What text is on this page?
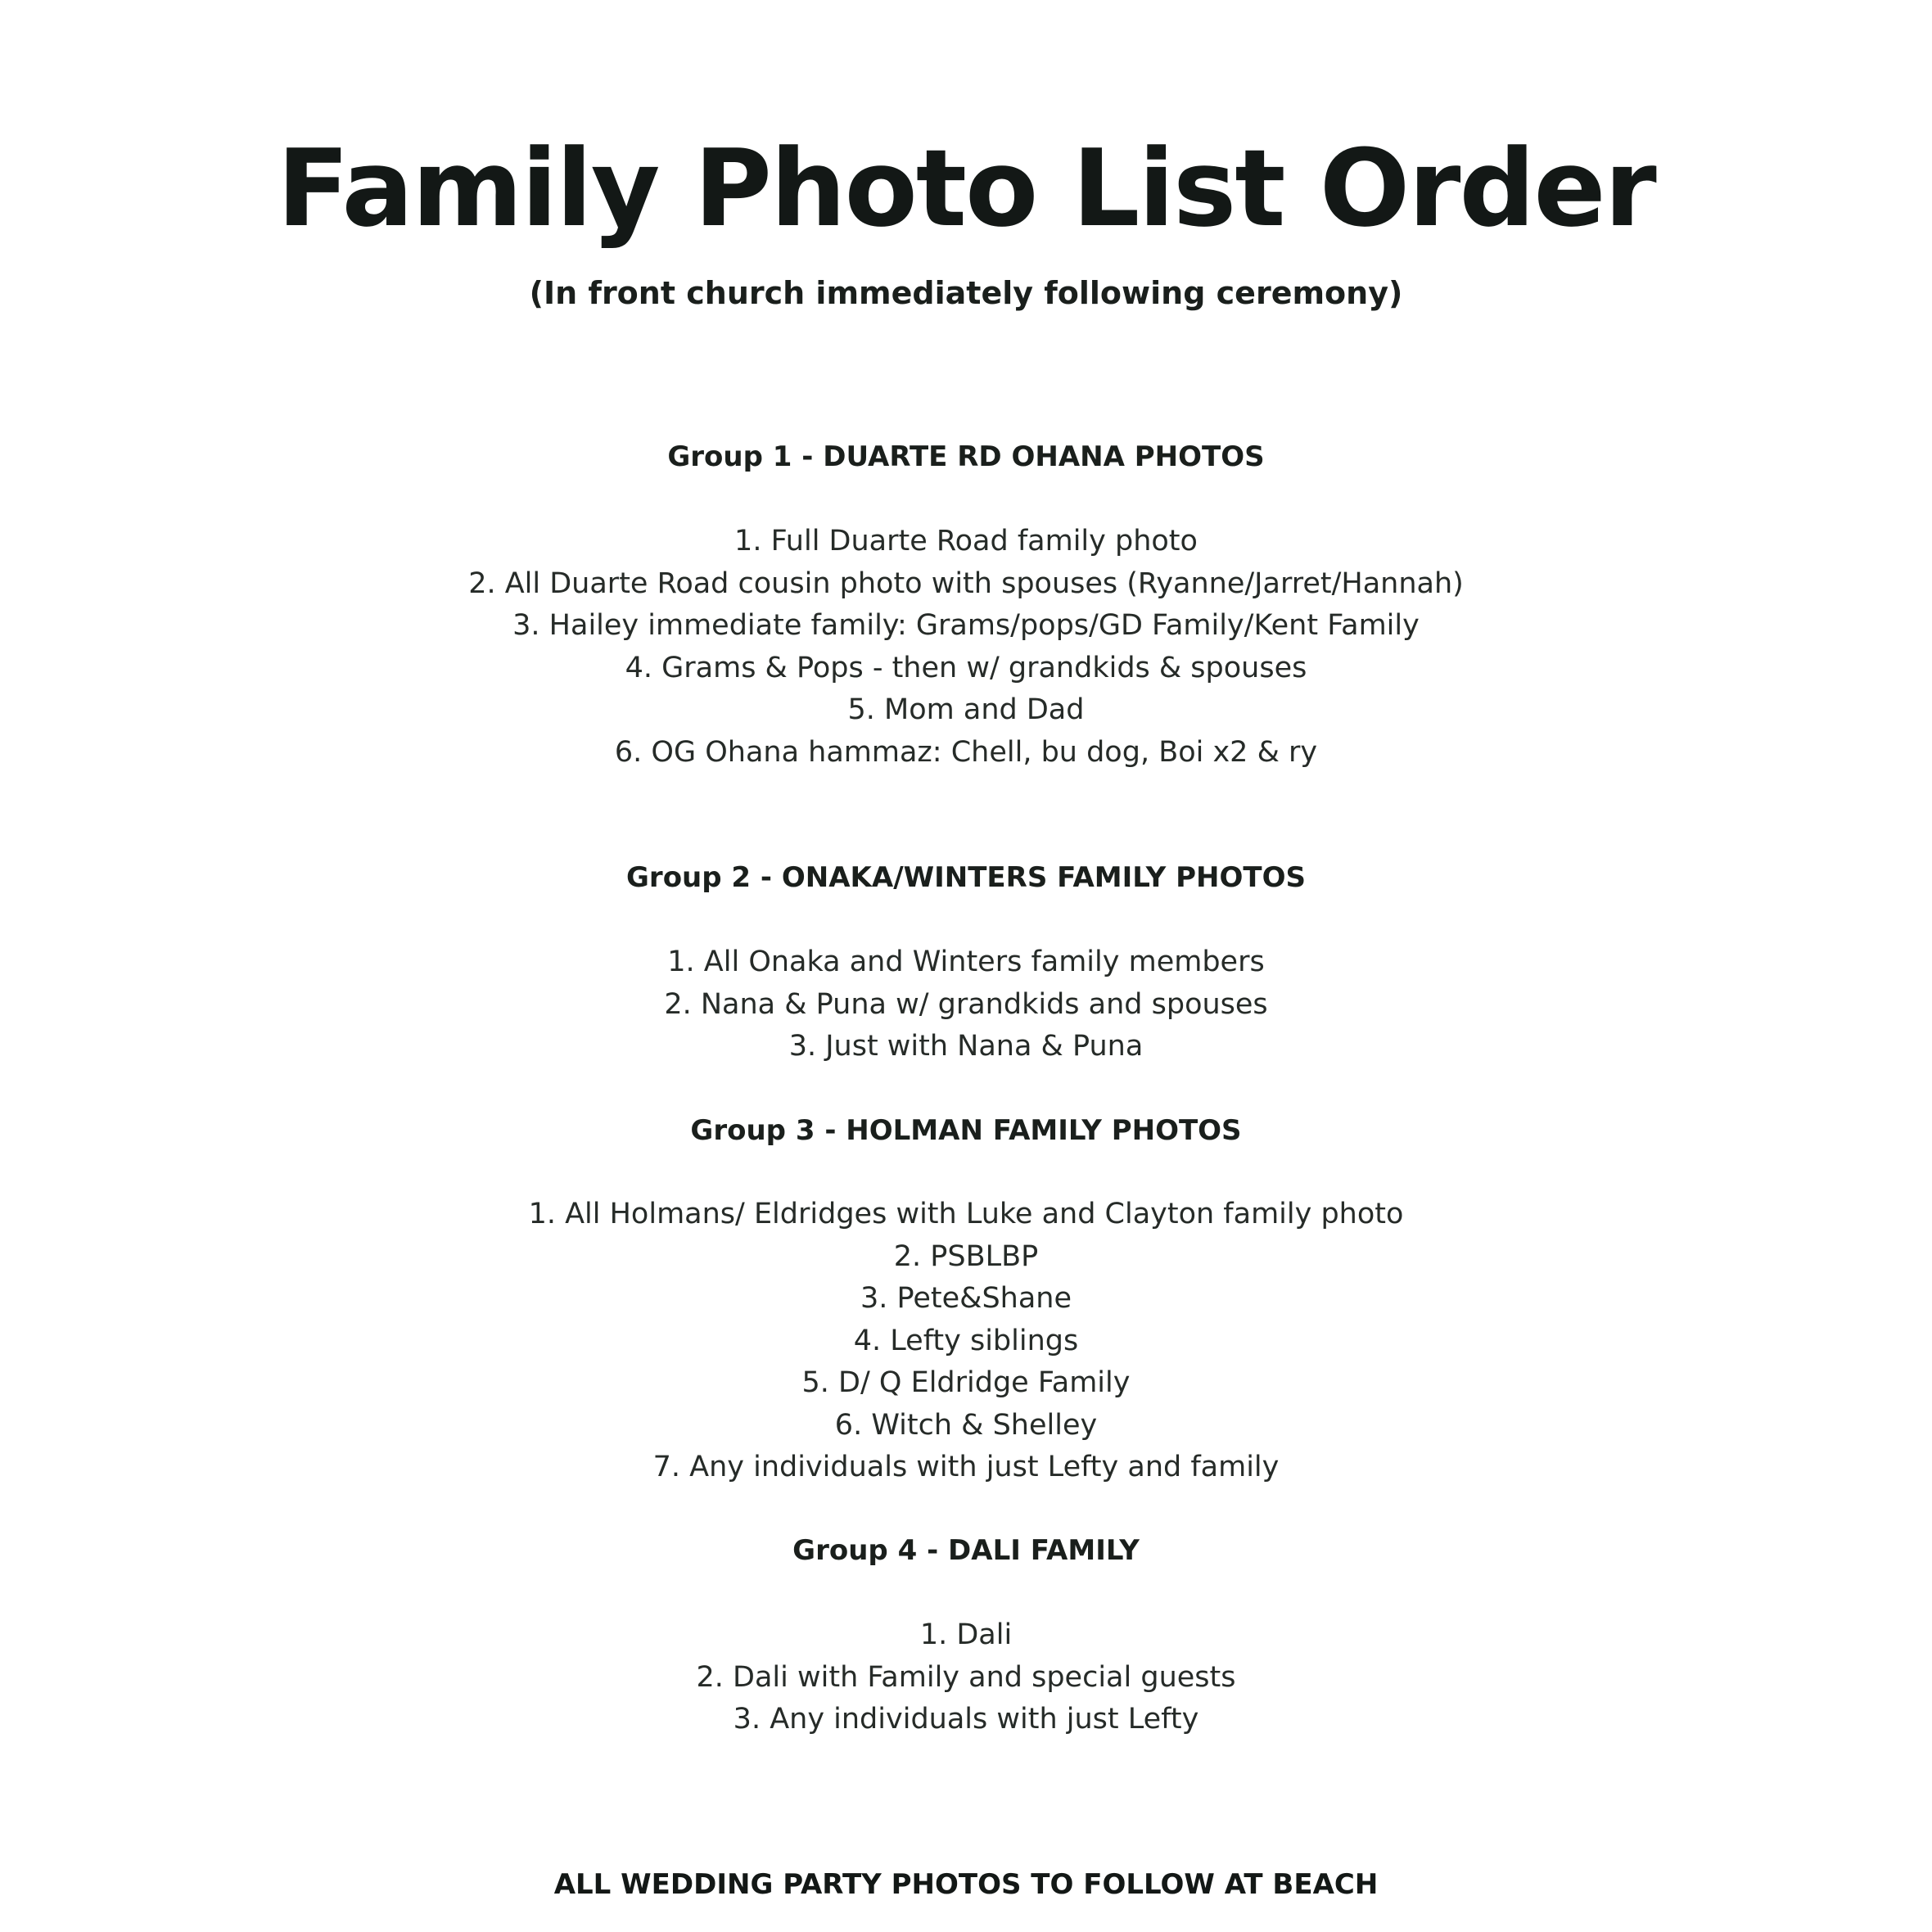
Family Photo List Order
(In front church immediately following ceremony)
Group 1 - DUARTE RD OHANA PHOTOS
1. Full Duarte Road family photo
2. All Duarte Road cousin photo with spouses (Ryanne/Jarret/Hannah)
3. Hailey immediate family: Grams/pops/GD Family/Kent Family
4. Grams & Pops - then w/ grandkids & spouses
5. Mom and Dad
6. OG Ohana hammaz: Chell, bu dog, Boi x2 & ry
Group 2 - ONAKA/WINTERS FAMILY PHOTOS
1. All Onaka and Winters family members
2. Nana & Puna w/ grandkids and spouses
3. Just with Nana & Puna
Group 3 - HOLMAN FAMILY PHOTOS
1. All Holmans/ Eldridges with Luke and Clayton family photo
2. PSBLBP
3. Pete&Shane
4. Lefty siblings
5. D/ Q Eldridge Family
6. Witch & Shelley
7. Any individuals with just Lefty and family
Group 4 - DALI FAMILY
1. Dali
2. Dali with Family and special guests
3. Any individuals with just Lefty
ALL WEDDING PARTY PHOTOS TO FOLLOW AT BEACH
